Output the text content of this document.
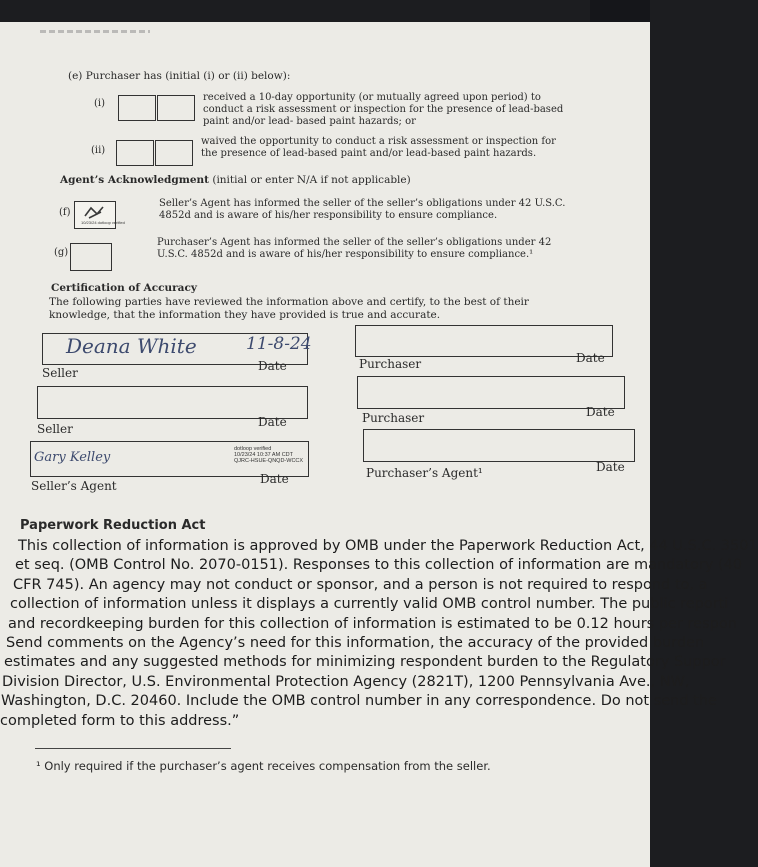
(e) Purchaser has (initial (i) or (ii) below):
(i)
received a 10-day opportunity (or mutually agreed upon period) to
conduct a risk assessment or inspection for the presence of lead-based
paint and/or lead- based paint hazards; or
(ii)
waived the opportunity to conduct a risk assessment or inspection for
the presence of lead-based paint and/or lead-based paint hazards.
Agent’s Acknowledgment (initial or enter N/A if not applicable)
(f)
10/23/24 dotloop verified
Seller’s Agent has informed the seller of the seller’s obligations under 42 U.S.C.
4852d and is aware of his/her responsibility to ensure compliance.
(g)
Purchaser’s Agent has informed the seller of the seller’s obligations under 42
U.S.C. 4852d and is aware of his/her responsibility to ensure compliance.¹
Certification of Accuracy
The following parties have reviewed the information above and certify, to the best of their
knowledge, that the information they have provided is true and accurate.
Deana White	11-8-24
Seller	Date	Purchaser	Date
Seller	Date	Purchaser	Date
Gary Kelley
dotloop verified
10/23/24 10:37 AM CDT
QJRC-HSUE-QNQD-WCCX
Seller’s Agent	Date	Purchaser’s Agent¹	Date
Paperwork Reduction Act
This collection of information is approved by OMB under the Paperwork Reduction Act, 44 U.S.C. 3501
et seq. (OMB Control No. 2070-0151). Responses to this collection of information are mandatory (40
CFR 745). An agency may not conduct or sponsor, and a person is not required to respond to, a
collection of information unless it displays a currently valid OMB control number. The public reporti
and recordkeeping burden for this collection of information is estimated to be 0.12 hours per respon
Send comments on the Agency’s need for this information, the accuracy of the provided burden
estimates and any suggested methods for minimizing respondent burden to the Regulatory Suppor
Division Director, U.S. Environmental Protection Agency (2821T), 1200 Pennsylvania Ave., NW,
Washington, D.C. 20460. Include the OMB control number in any correspondence. Do not send the
completed form to this address.”
¹ Only required if the purchaser’s agent receives compensation from the seller.
